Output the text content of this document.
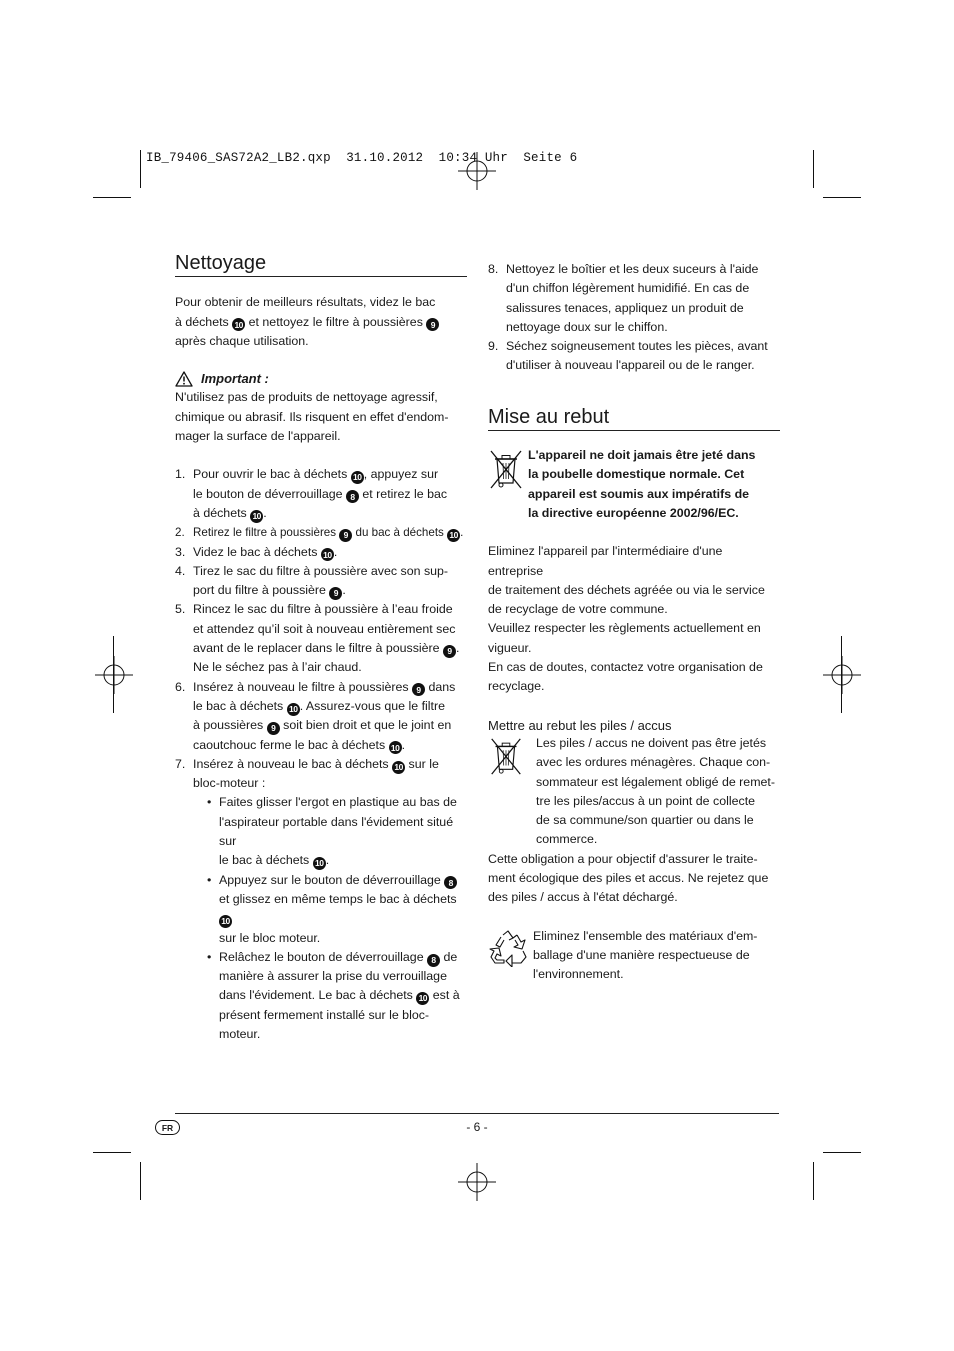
IB_79406_SAS72A2_LB2.qxp  31.10.2012  10:34 Uhr  Seite 6
Nettoyage

Pour obtenir de meilleurs résultats, videz le bac
à déchets 10 et nettoyez le filtre à poussières 9
après chaque utilisation.

Important :

N'utilisez pas de produits de nettoyage agressif,
chimique ou abrasif. Ils risquent en effet d'endom-
mager la surface de l'appareil.

1. Pour ouvrir le bac à déchets 10 , appuyez sur
le bouton de déverrouillage 8 et retirez le bac
à déchets 10 .
2. Retirez le filtre à poussières 9 du bac à déchets 10 .
3. Videz le bac à déchets 10 .
4. Tirez le sac du filtre à poussière avec son sup-
port du filtre à poussière 9 .
5. Rincez le sac du filtre à poussière à l’eau froide
et attendez qu’il soit à nouveau entièrement sec
avant de le replacer dans le filtre à poussière 9 .
Ne le séchez pas à l’air chaud.
6. Insérez à nouveau le filtre à poussières 9 dans
le bac à déchets 10 . Assurez-vous que le filtre
à poussières 9 soit bien droit et que le joint en
caoutchouc ferme le bac à déchets 10 .
7. Insérez à nouveau le bac à déchets 10 sur le
bloc-moteur :
• Faites glisser l'ergot en plastique au bas de
l'aspirateur portable dans l'évidement situé sur
le bac à déchets 10 .
• Appuyez sur le bouton de déverrouillage 8
et glissez en même temps le bac à déchets 10
sur le bloc moteur.
• Relâchez le bouton de déverrouillage 8 de
manière à assurer la prise du verrouillage
dans l'évidement. Le bac à déchets 10 est à
présent fermement installé sur le bloc-moteur.
8. Nettoyez le boîtier et les deux suceurs à l'aide
d'un chiffon légèrement humidifié. En cas de
salissures tenaces, appliquez un produit de
nettoyage doux sur le chiffon.
9. Séchez soigneusement toutes les pièces, avant
d'utiliser à nouveau l'appareil ou de le ranger.
Mise au rebut

L'appareil ne doit jamais être jeté dans
la poubelle domestique normale. Cet
appareil est soumis aux impératifs de
la directive européenne 2002/96/EC.

Eliminez l'appareil par l'intermédiaire d'une entreprise
de traitement des déchets agréée ou via le service
de recyclage de votre commune.
Veuillez respecter les règlements actuellement en
vigueur.
En cas de doutes, contactez votre organisation de
recyclage.

Mettre au rebut les piles / accus

Les piles / accus ne doivent pas être jetés
avec les ordures ménagères. Chaque con-
sommateur est légalement obligé de remet-
tre les piles/accus à un point de collecte
de sa commune/son quartier ou dans le
commerce.

Cette obligation a pour objectif d'assurer le traite-
ment écologique des piles et accus. Ne rejetez que
des piles / accus à l'état déchargé.

Eliminez l'ensemble des matériaux d'em-
ballage d'une manière respectueuse de
l'environnement.

FR	- 6 -
